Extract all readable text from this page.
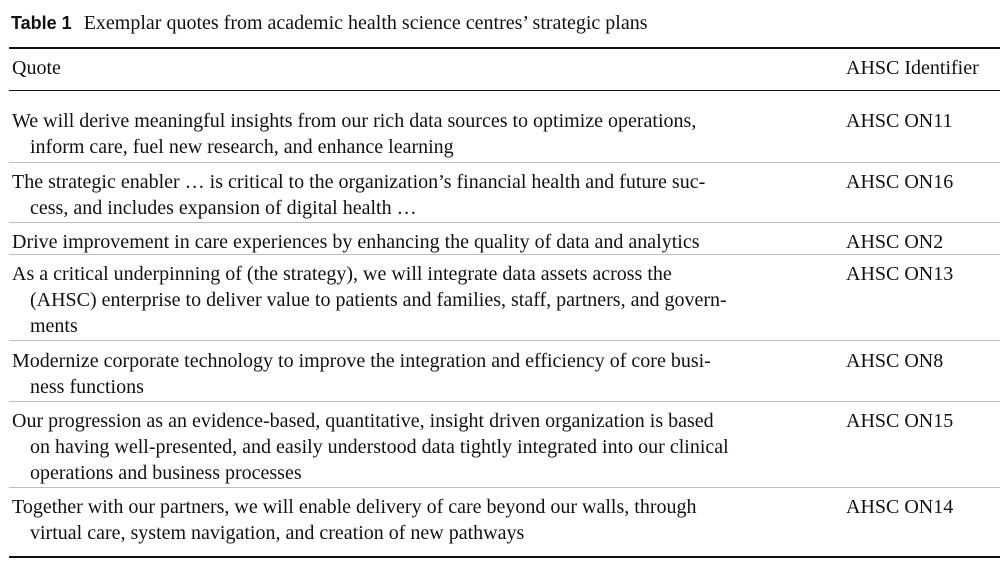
Table 1 Exemplar quotes from academic health science centres’ strategic plans
Quote	AHSC Identifier
We will derive meaningful insights from our rich data sources to optimize operations,
inform care, fuel new research, and enhance learning
AHSC ON11
The strategic enabler … is critical to the organization’s financial health and future suc-
cess, and includes expansion of digital health …
AHSC ON16
Drive improvement in care experiences by enhancing the quality of data and analytics	AHSC ON2
As a critical underpinning of (the strategy), we will integrate data assets across the
(AHSC) enterprise to deliver value to patients and families, staff, partners, and govern-
ments
AHSC ON13
Modernize corporate technology to improve the integration and efficiency of core busi-
ness functions
AHSC ON8
Our progression as an evidence-based, quantitative, insight driven organization is based
on having well-presented, and easily understood data tightly integrated into our clinical
operations and business processes
AHSC ON15
Together with our partners, we will enable delivery of care beyond our walls, through
virtual care, system navigation, and creation of new pathways
AHSC ON14
